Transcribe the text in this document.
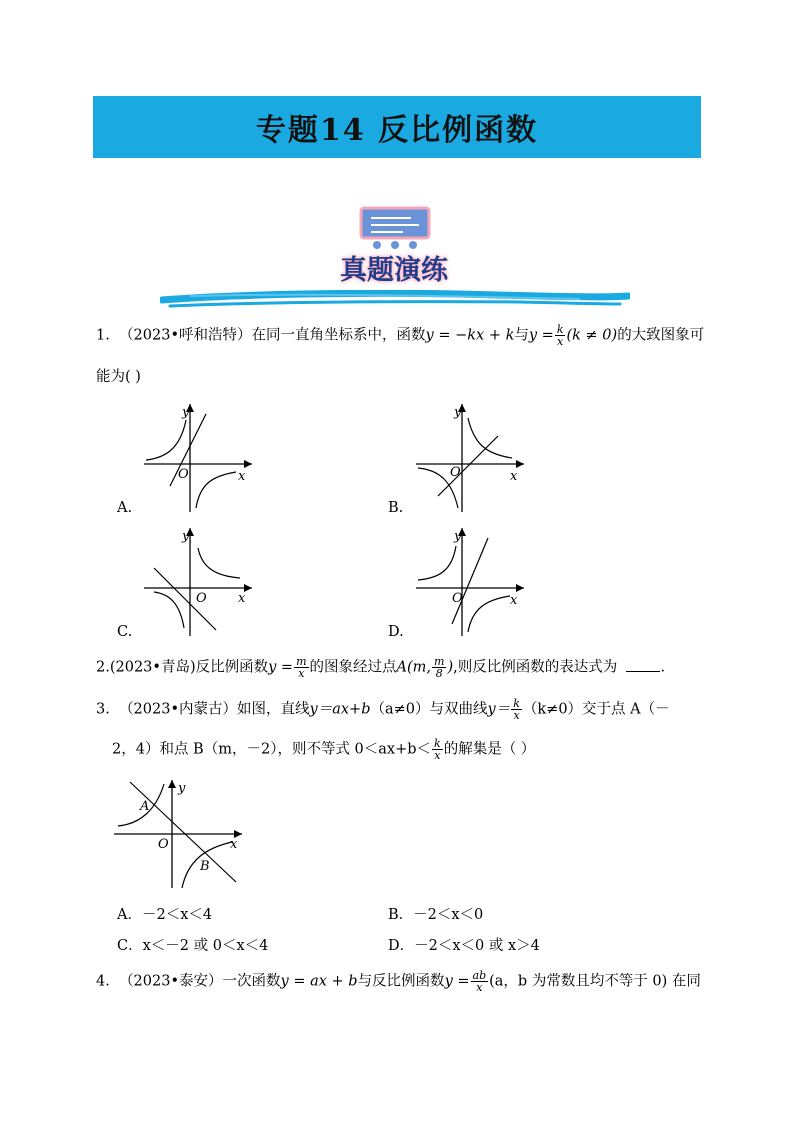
专题14 反比例函数
真题演练
1. （2023•呼和浩特）在同一直角坐标系中，函数y = −kx + k与$y = \frac{k}{x} (k \ne 0)$的大致图象可
能为( )
y
x
O
A.
y
x
O
B.
y
x
O
C.
y
x
O
D.
2.(2023•青岛)反比例函数$y = \frac{m}{x}$ 的图象经过点A(m, $\frac{m}{8}$ ),则反比例函数的表达式为	.
3. （2023•内蒙古）如图，直线y＝ax+b（a≠0）与双曲线$y= \frac{k}{x} (k\ne 0)$交于点 A（－
2，4）和点 B（m，－2），则不等式 $0<ax+b< \frac{k}{x}$ 的解集是（ ）
A
B
O	x
y
A．－2＜x＜4	B．－2＜x＜0
C．x＜－2 或 0＜x＜4	D．－2＜x＜0 或 x＞4
4. （2023•泰安）一次函数y = ax + b与反比例函数$y = \frac{ab}{x} (a$，b 为常数且均不等于 0) 在同
